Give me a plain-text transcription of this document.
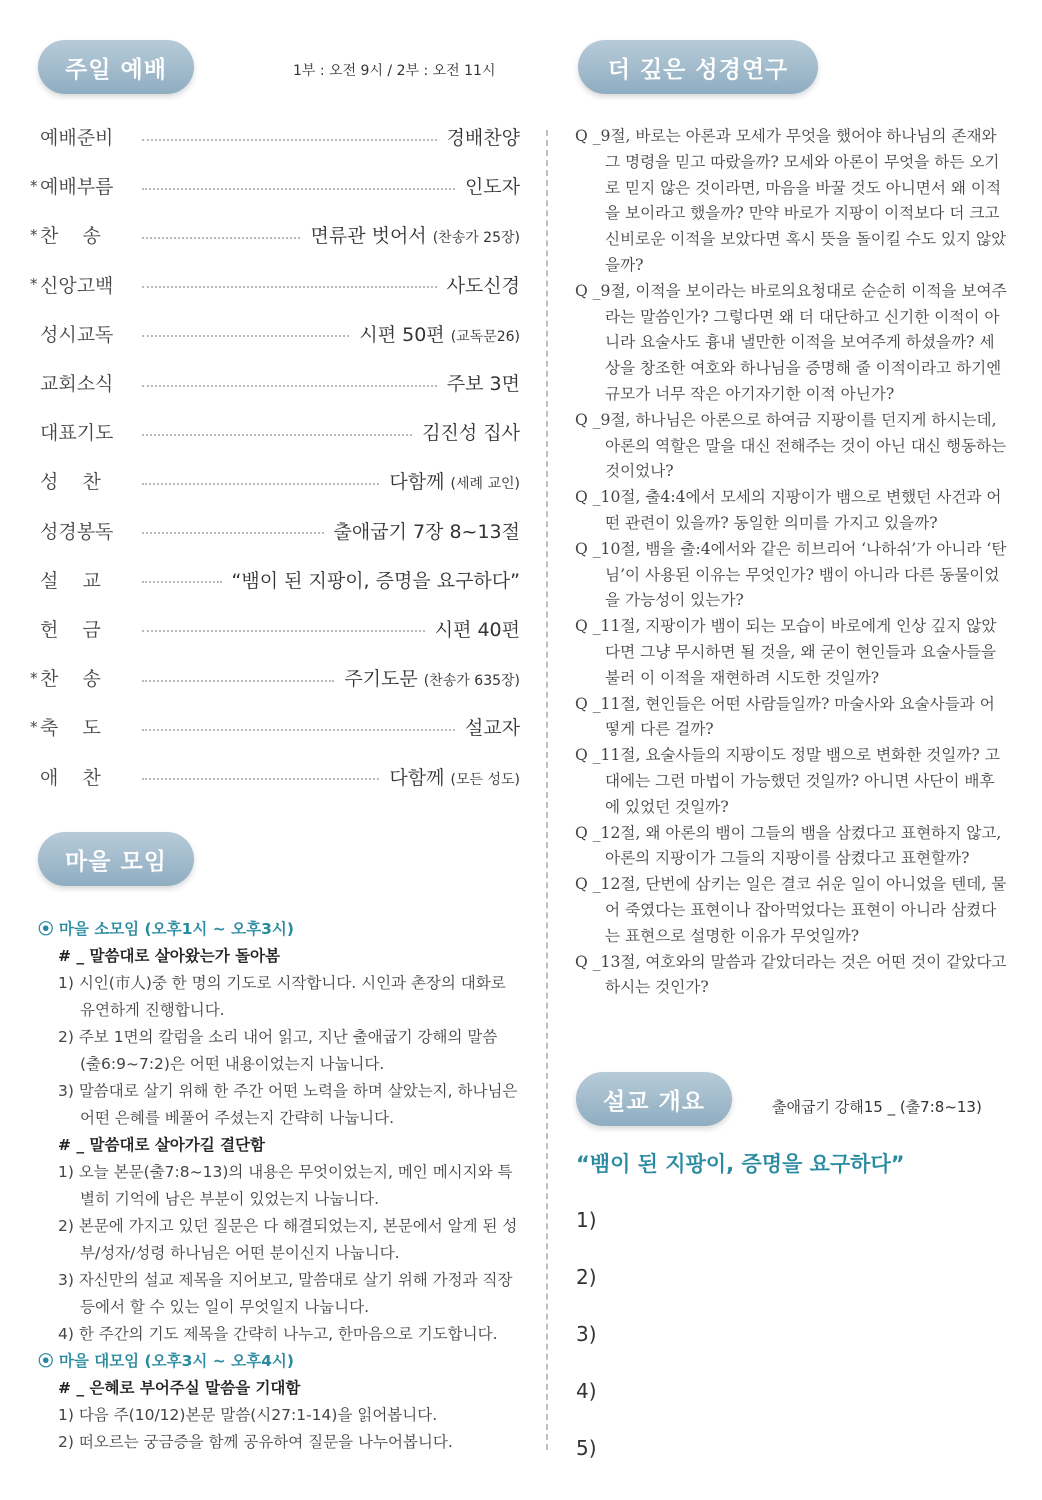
주일 예배	1부 : 오전 9시 / 2부 : 오전 11시
예배준비	경배찬양
* 예배부름	인도자
* 찬    송	면류관 벗어서 (찬송가 25장)
* 신앙고백	사도신경
성시교독	시편 50편 (교독문26)
교회소식	주보 3면
대표기도	김진성 집사
성    찬	다함께 (세례 교인)
성경봉독	출애굽기 7장 8~13절
설    교	“뱀이 된 지팡이, 증명을 요구하다”
헌    금	시편 40편
* 찬    송	주기도문 (찬송가 635장)
* 축    도	설교자
애    찬	다함께 (모든 성도)
마을 모임
⦿ 마을 소모임 (오후1시 ~ 오후3시)
# _ 말씀대로 살아왔는가 돌아봄
1) 시인(市人)중 한 명의 기도로 시작합니다. 시인과 촌장의 대화로 유연하게 진행합니다.
2) 주보 1면의 칼럼을 소리 내어 읽고, 지난 출애굽기 강해의 말씀(출6:9~7:2)은 어떤 내용이었는지 나눕니다.
3) 말씀대로 살기 위해 한 주간 어떤 노력을 하며 살았는지, 하나님은 어떤 은혜를 베풀어 주셨는지 간략히 나눕니다.
# _ 말씀대로 살아가길 결단함
1) 오늘 본문(출7:8~13)의 내용은 무엇이었는지, 메인 메시지와 특별히 기억에 남은 부분이 있었는지 나눕니다.
2) 본문에 가지고 있던 질문은 다 해결되었는지, 본문에서 알게 된 성부/성자/성령 하나님은 어떤 분이신지 나눕니다.
3) 자신만의 설교 제목을 지어보고, 말씀대로 살기 위해 가정과 직장 등에서 할 수 있는 일이 무엇일지 나눕니다.
4) 한 주간의 기도 제목을 간략히 나누고, 한마음으로 기도합니다.
⦿ 마을 대모임 (오후3시 ~ 오후4시)
# _ 은혜로 부어주실 말씀을 기대함
1) 다음 주(10/12)본문 말씀(시27:1-14)을 읽어봅니다.
2) 떠오르는 궁금증을 함께 공유하여 질문을 나누어봅니다.
더 깊은 성경연구
Q _9절, 바로는 아론과 모세가 무엇을 했어야 하나님의 존재와 그 명령을 믿고 따랐을까? 모세와 아론이 무엇을 하든 오기로 믿지 않은 것이라면, 마음을 바꿀 것도 아니면서 왜 이적을 보이라고 했을까? 만약 바로가 지팡이 이적보다 더 크고 신비로운 이적을 보았다면 혹시 뜻을 돌이킬 수도 있지 않았을까?
Q _9절, 이적을 보이라는 바로의요청대로 순순히 이적을 보여주라는 말씀인가? 그렇다면 왜 더 대단하고 신기한 이적이 아니라 요술사도 흉내 낼만한 이적을 보여주게 하셨을까? 세상을 창조한 여호와 하나님을 증명해 줄 이적이라고 하기엔 규모가 너무 작은 아기자기한 이적 아닌가?
Q _9절, 하나님은 아론으로 하여금 지팡이를 던지게 하시는데, 아론의 역할은 말을 대신 전해주는 것이 아닌 대신 행동하는 것이었나?
Q _10절, 출4:4에서 모세의 지팡이가 뱀으로 변했던 사건과 어떤 관련이 있을까? 동일한 의미를 가지고 있을까?
Q _10절, 뱀을 출:4에서와 같은 히브리어 ‘나하쉬’가 아니라 ‘탄님’이 사용된 이유는 무엇인가? 뱀이 아니라 다른 동물이었을 가능성이 있는가?
Q _11절, 지팡이가 뱀이 되는 모습이 바로에게 인상 깊지 않았다면 그냥 무시하면 될 것을, 왜 굳이 현인들과 요술사들을 불러 이 이적을 재현하려 시도한 것일까?
Q _11절, 현인들은 어떤 사람들일까? 마술사와 요술사들과 어떻게 다른 걸까?
Q _11절, 요술사들의 지팡이도 정말 뱀으로 변화한 것일까? 고대에는 그런 마법이 가능했던 것일까? 아니면 사단이 배후에 있었던 것일까?
Q _12절, 왜 아론의 뱀이 그들의 뱀을 삼켰다고 표현하지 않고, 아론의 지팡이가 그들의 지팡이를 삼켰다고 표현할까?
Q _12절, 단번에 삼키는 일은 결코 쉬운 일이 아니었을 텐데, 물어 죽였다는 표현이나 잡아먹었다는 표현이 아니라 삼켰다는 표현으로 설명한 이유가 무엇일까?
Q _13절, 여호와의 말씀과 같았더라는 것은 어떤 것이 같았다고 하시는 것인가?
설교 개요	출애굽기 강해15 _ (출7:8~13)
“뱀이 된 지팡이, 증명을 요구하다”
1)
2)
3)
4)
5)
